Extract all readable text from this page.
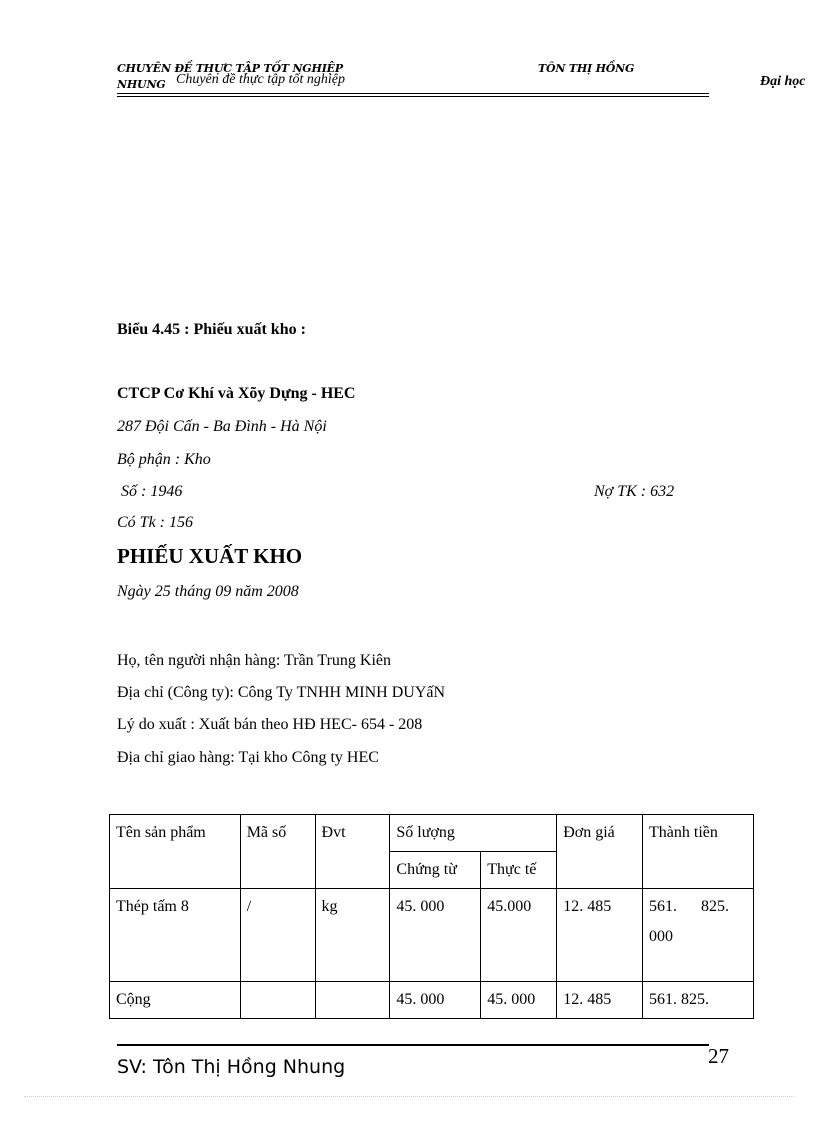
CHUYÊN ĐỀ THỰC TẬP TỐT NGHIỆP
NHUNG Chuyên đề thực tập tốt nghiệp
TÔN THỊ HỒNG
Đại học
Biểu 4.45 : Phiếu xuất kho :
CTCP Cơ Khí và Xõy Dựng - HEC
287 Đội Cấn - Ba Đình - Hà Nội
Bộ phận : Kho
Số : 1946	Nợ TK : 632
Có Tk : 156
PHIẾU XUẤT KHO
Ngày 25 tháng 09 năm 2008
Họ, tên người nhận hàng: Trần Trung Kiên
Địa chỉ (Công ty): Công Ty TNHH MINH DUYấN
Lý do xuất : Xuất bán theo HĐ HEC- 654 - 208
Địa chỉ giao hàng: Tại kho Công ty HEC
Tên sản phẩm	Mã số	Đvt	Số lượng		Đơn giá	Thành tiền
			Chứng từ	Thực tế		
Thép tấm 8	/	kg	45. 000	45.000	12. 485	561.      825.
000

Cộng			45. 000	45. 000	12. 485	561. 825.
SV: Tôn Thị Hồng Nhung	27
